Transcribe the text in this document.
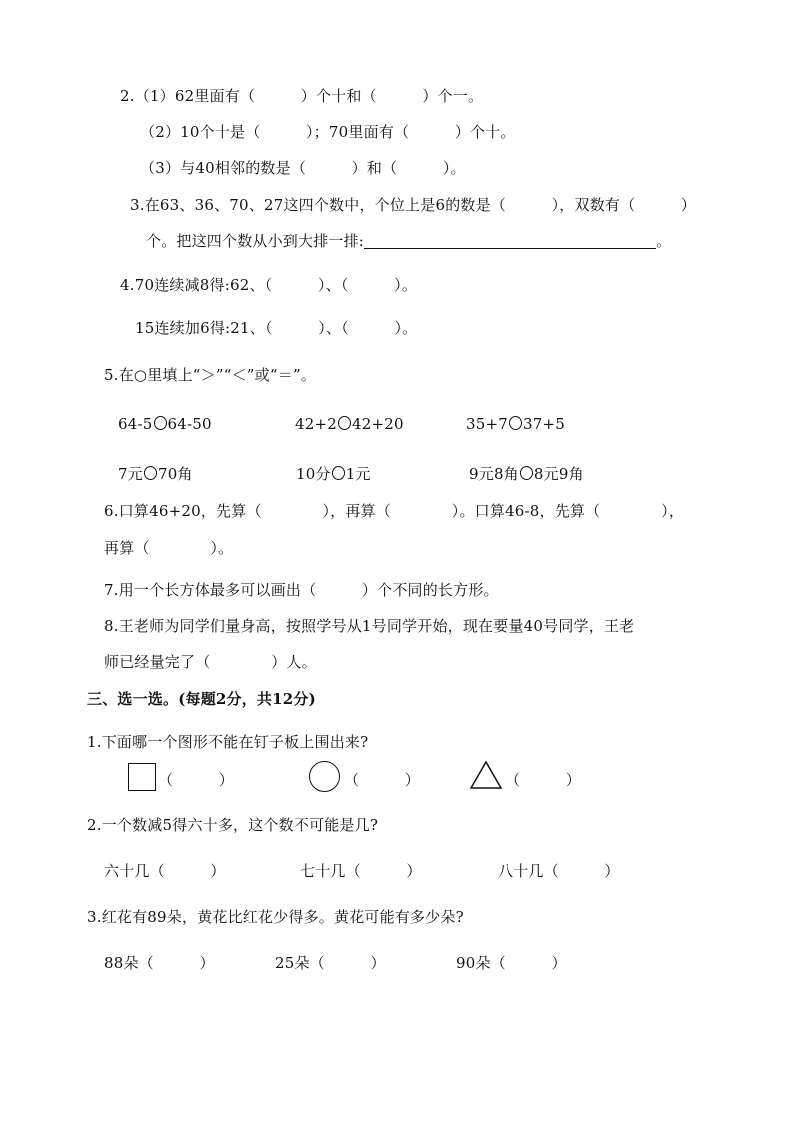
2.（1）62里面有（　　　）个十和（　　　）个一。
（2）10个十是（　　　）；70里面有（　　　）个十。
（3）与40相邻的数是（　　　）和（　　　）。
3.在63、36、70、27这四个数中，个位上是6的数是（　　　），双数有（　　　）
个。把这四个数从小到大排一排:	。
4.70连续减8得:62、（　　　）、（　　　）。
15连续加6得:21、（　　　）、（　　　）。
5.在○里填上“＞”“＜”或“＝”。
64-5 64-50	42+2 42+20	35+7 37+5
7元 70角	10分 1元	9元8角 8元9角
6.口算46+20，先算（　　　　），再算（　　　　）。口算46-8，先算（　　　　），
再算（　　　　）。
7.用一个长方体最多可以画出（　　　）个不同的长方形。
8.王老师为同学们量身高，按照学号从1号同学开始，现在要量40号同学，王老
师已经量完了（　　　　）人。
三、选一选。(每题2分，共12分)
1.下面哪一个图形不能在钉子板上围出来?
（　　　）	（　　　）	（　　　）
2.一个数减5得六十多，这个数不可能是几?
六十几（　　　）	七十几（　　　）	八十几（　　　）
3.红花有89朵，黄花比红花少得多。黄花可能有多少朵?
88朵（　　　）	25朵（　　　）	90朵（　　　）
